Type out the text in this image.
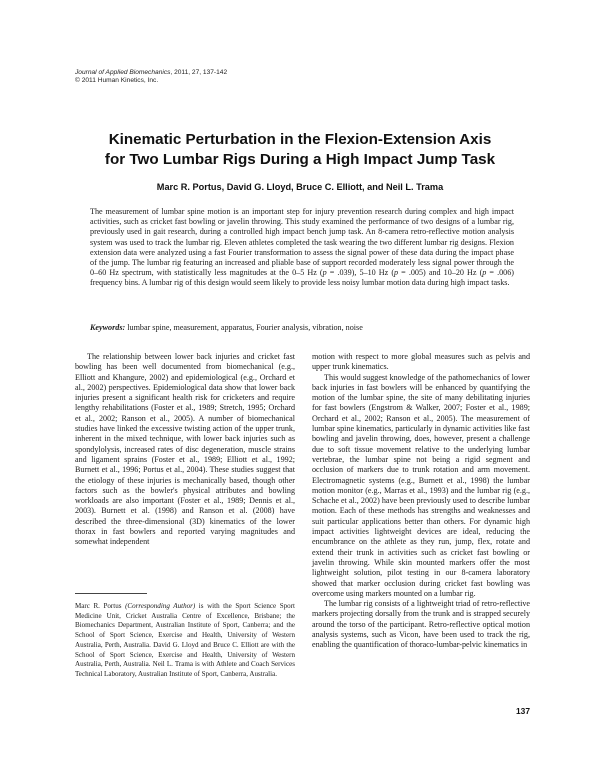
Journal of Applied Biomechanics, 2011, 27, 137-142
© 2011 Human Kinetics, Inc.
Kinematic Perturbation in the Flexion-Extension Axis
for Two Lumbar Rigs During a High Impact Jump Task
Marc R. Portus, David G. Lloyd, Bruce C. Elliott, and Neil L. Trama
The measurement of lumbar spine motion is an important step for injury prevention research during complex and high impact activities, such as cricket fast bowling or javelin throwing. This study examined the performance of two designs of a lumbar rig, previously used in gait research, during a controlled high impact bench jump task. An 8-camera retro-reflective motion analysis system was used to track the lumbar rig. Eleven athletes completed the task wearing the two different lumbar rig designs. Flexion extension data were analyzed using a fast Fourier transformation to assess the signal power of these data during the impact phase of the jump. The lumbar rig featuring an increased and pliable base of support recorded moderately less signal power through the 0–60 Hz spectrum, with statistically less magnitudes at the 0–5 Hz (p = .039), 5–10 Hz (p = .005) and 10–20 Hz (p = .006) frequency bins. A lumbar rig of this design would seem likely to provide less noisy lumbar motion data during high impact tasks.
Keywords: lumbar spine, measurement, apparatus, Fourier analysis, vibration, noise

The relationship between lower back injuries and cricket fast bowling has been well documented from biomechanical (e.g., Elliott and Khangure, 2002) and epidemiological (e.g., Orchard et al., 2002) perspectives. Epidemiological data show that lower back injuries present a significant health risk for cricketers and require lengthy rehabilitations (Foster et al., 1989; Stretch, 1995; Orchard et al., 2002; Ranson et al., 2005). A number of biomechanical studies have linked the excessive twisting action of the upper trunk, inherent in the mixed technique, with lower back injuries such as spondylolysis, increased rates of disc degeneration, muscle strains and ligament sprains (Foster et al., 1989; Elliott et al., 1992; Burnett et al., 1996; Portus et al., 2004). These studies suggest that the etiology of these injuries is mechanically based, though other factors such as the bowler's physical attributes and bowling workloads are also important (Foster et al., 1989; Dennis et al., 2003). Burnett et al. (1998) and Ranson et al. (2008) have described the three-dimensional (3D) kinematics of the lower thorax in fast bowlers and reported varying magnitudes and somewhat independent

motion with respect to more global measures such as pelvis and upper trunk kinematics.

This would suggest knowledge of the pathomechanics of lower back injuries in fast bowlers will be enhanced by quantifying the motion of the lumbar spine, the site of many debilitating injuries for fast bowlers (Engstrom & Walker, 2007; Foster et al., 1989; Orchard et al., 2002; Ranson et al., 2005). The measurement of lumbar spine kinematics, particularly in dynamic activities like fast bowling and javelin throwing, does, however, present a challenge due to soft tissue movement relative to the underlying lumbar vertebrae, the lumbar spine not being a rigid segment and occlusion of markers due to trunk rotation and arm movement. Electromagnetic systems (e.g., Burnett et al., 1998) the lumbar motion monitor (e.g., Marras et al., 1993) and the lumbar rig (e.g., Schache et al., 2002) have been previously used to describe lumbar motion. Each of these methods has strengths and weaknesses and suit particular applications better than others. For dynamic high impact activities lightweight devices are ideal, reducing the encumbrance on the athlete as they run, jump, flex, rotate and extend their trunk in activities such as cricket fast bowling or javelin throwing. While skin mounted markers offer the most lightweight solution, pilot testing in our 8-camera laboratory showed that marker occlusion during cricket fast bowling was overcome using markers mounted on a lumbar rig.

The lumbar rig consists of a lightweight triad of retro-reflective markers projecting dorsally from the trunk and is strapped securely around the torso of the participant. Retro-reflective optical motion analysis systems, such as Vicon, have been used to track the rig, enabling the quantification of thoraco-lumbar-pelvic kinematics in

Marc R. Portus (Corresponding Author) is with the Sport Science Sport Medicine Unit, Cricket Australia Centre of Excellence, Brisbane; the Biomechanics Department, Australian Institute of Sport, Canberra; and the School of Sport Science, Exercise and Health, University of Western Australia, Perth, Australia. David G. Lloyd and Bruce C. Elliott are with the School of Sport Science, Exercise and Health, University of Western Australia, Perth, Australia. Neil L. Trama is with Athlete and Coach Services Technical Laboratory, Australian Institute of Sport, Canberra, Australia.
137
